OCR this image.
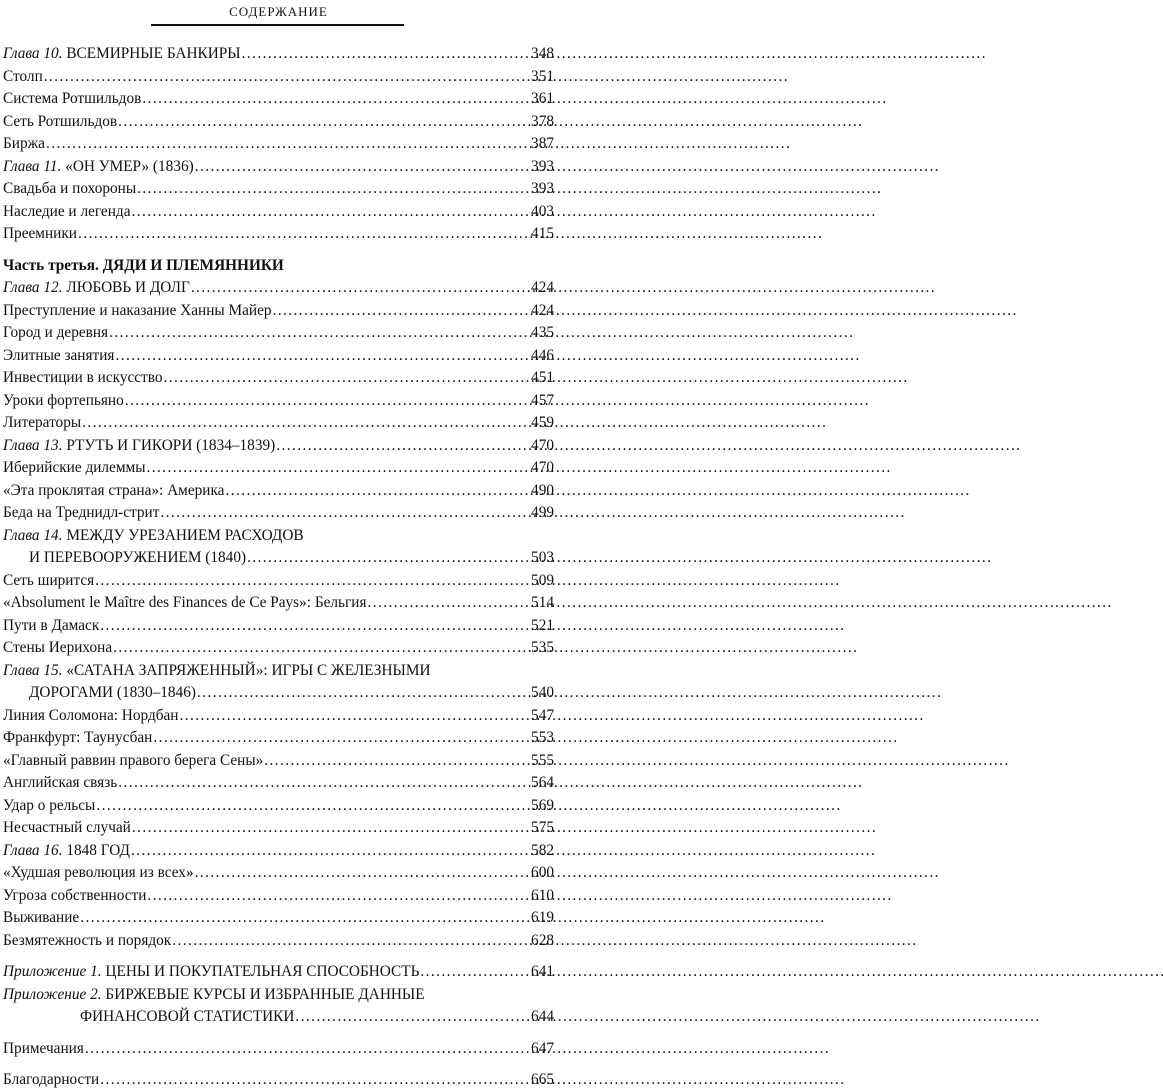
СОДЕРЖАНИЕ
Глава 10. ВСЕМИРНЫЕ БАНКИРЫ . . .	348
Столп . . .	351
Система Ротшильдов . . .	361
Сеть Ротшильдов . . .	378
Биржа . . .	387
Глава 11. «ОН УМЕР» (1836) . . .	393
Свадьба и похороны . . .	393
Наследие и легенда . . .	403
Преемники . . .	415
Часть третья. ДЯДИ И ПЛЕМЯННИКИ
Глава 12. ЛЮБОВЬ И ДОЛГ . . .	424
Преступление и наказание Ханны Майер . . .	424
Город и деревня . . .	435
Элитные занятия . . .	446
Инвестиции в искусство . . .	451
Уроки фортепьяно . . .	457
Литераторы . . .	459
Глава 13. РТУТЬ И ГИКОРИ (1834–1839) . . .	470
Иберийские дилеммы . . .	470
«Эта проклятая страна»: Америка . . .	490
Беда на Треднидл-стрит . . .	499
Глава 14. МЕЖДУ УРЕЗАНИЕМ РАСХОДОВ
И ПЕРЕВООРУЖЕНИЕМ (1840) . . .	503
Сеть ширится . . .	509
«Absolument le Maître des Finances de Ce Pays»: Бельгия . . .	514
Пути в Дамаск . . .	521
Стены Иерихона . . .	535
Глава 15. «САТАНА ЗАПРЯЖЕННЫЙ»: ИГРЫ С ЖЕЛЕЗНЫМИ
ДОРОГАМИ (1830–1846) . . .	540
Линия Соломона: Нордбан . . .	547
Франкфурт: Таунусбан . . .	553
«Главный раввин правого берега Сены» . . .	555
Английская связь . . .	564
Удар о рельсы . . .	569
Несчастный случай . . .	575
Глава 16. 1848 ГОД . . .	582
«Худшая революция из всех» . . .	600
Угроза собственности . . .	610
Выживание . . .	619
Безмятежность и порядок . . .	628
Приложение 1. ЦЕНЫ И ПОКУПАТЕЛЬНАЯ СПОСОБНОСТЬ . . .	641
Приложение 2. БИРЖЕВЫЕ КУРСЫ И ИЗБРАННЫЕ ДАННЫЕ
ФИНАНСОВОЙ СТАТИСТИКИ . . .	644
Примечания . . .	647
Благодарности . . .	665
